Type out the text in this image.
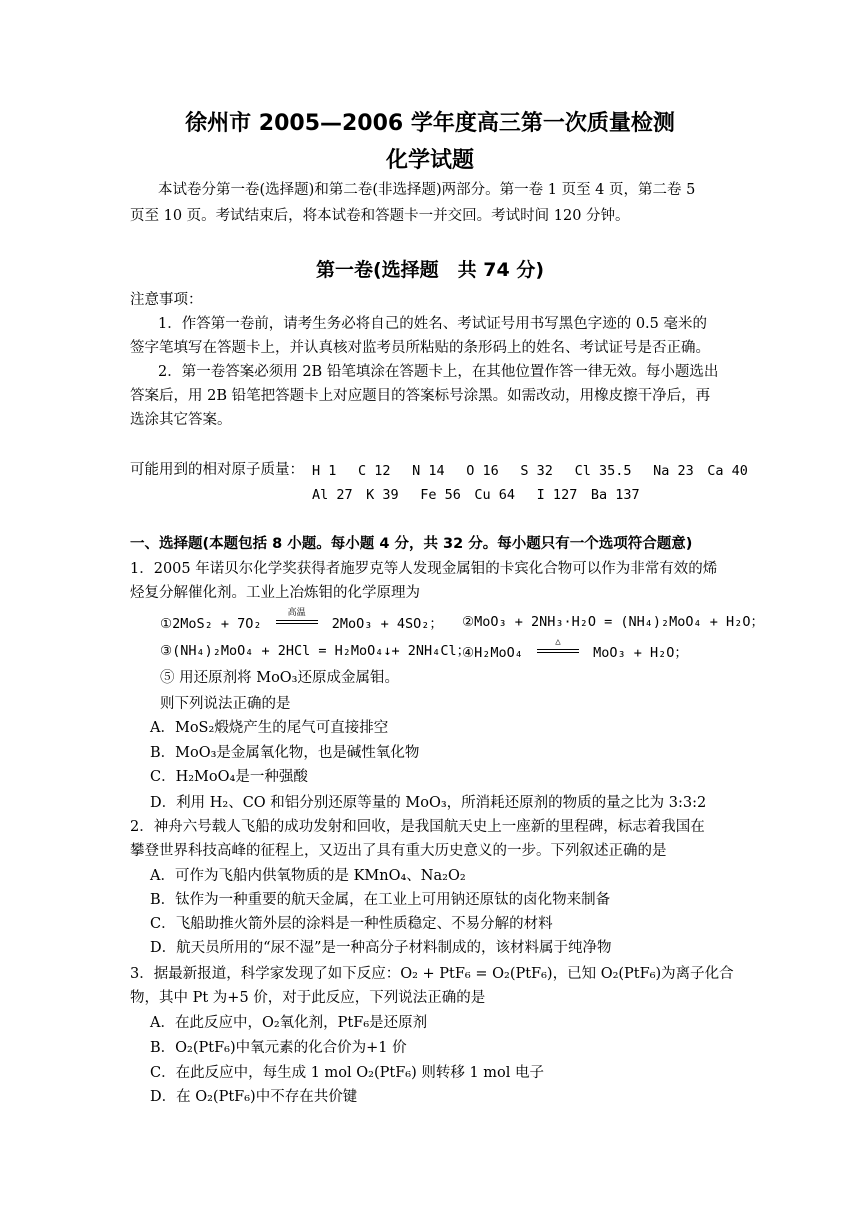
徐州市 2005—2006 学年度高三第一次质量检测
化学试题
本试卷分第一卷(选择题)和第二卷(非选择题)两部分。第一卷 1 页至 4 页，第二卷 5
页至 10 页。考试结束后，将本试卷和答题卡一并交回。考试时间 120 分钟。
第一卷(选择题　共 74 分)
注意事项：
1．作答第一卷前，请考生务必将自己的姓名、考试证号用书写黑色字迹的 0.5 毫米的
签字笔填写在答题卡上，并认真核对监考员所粘贴的条形码上的姓名、考试证号是否正确。
2．第一卷答案必须用 2B 铅笔填涂在答题卡上，在其他位置作答一律无效。每小题选出
答案后，用 2B 铅笔把答题卡上对应题目的答案标号涂黑。如需改动，用橡皮擦干净后，再
选涂其它答案。
可能用到的相对原子质量： H 1　 C 12　 N 14　 O 16　 S 32　 Cl 35.5　 Na 23　Ca 40
Al 27　K 39　 Fe 56　Cu 64　 I 127　Ba 137
一、选择题(本题包括 8 小题。每小题 4 分，共 32 分。每小题只有一个选项符合题意)
1．2005 年诺贝尔化学奖获得者施罗克等人发现金属钼的卡宾化合物可以作为非常有效的烯
烃复分解催化剂。工业上冶炼钼的化学原理为
①2MoS₂ + 7O₂
高温
2MoO₃ + 4SO₂； ②MoO₃ + 2NH₃·H₂O = (NH₄)₂MoO₄ + H₂O；
③(NH₄)₂MoO₄ + 2HCl = H₂MoO₄↓+ 2NH₄Cl；
④H₂MoO₄
△
MoO₃ + H₂O；
⑤ 用还原剂将 MoO₃还原成金属钼。
则下列说法正确的是
A．MoS₂煅烧产生的尾气可直接排空
B．MoO₃是金属氧化物，也是碱性氧化物
C．H₂MoO₄是一种强酸
D．利用 H₂、CO 和铝分别还原等量的 MoO₃，所消耗还原剂的物质的量之比为 3:3:2
2．神舟六号载人飞船的成功发射和回收，是我国航天史上一座新的里程碑，标志着我国在
攀登世界科技高峰的征程上，又迈出了具有重大历史意义的一步。下列叙述正确的是
A．可作为飞船内供氧物质的是 KMnO₄、Na₂O₂
B．钛作为一种重要的航天金属，在工业上可用钠还原钛的卤化物来制备
C．飞船助推火箭外层的涂料是一种性质稳定、不易分解的材料
D．航天员所用的“尿不湿”是一种高分子材料制成的，该材料属于纯净物
3．据最新报道，科学家发现了如下反应：O₂ + PtF₆ = O₂(PtF₆)，已知 O₂(PtF₆)为离子化合
物，其中 Pt 为+5 价，对于此反应，下列说法正确的是
A．在此反应中，O₂氧化剂，PtF₆是还原剂
B．O₂(PtF₆)中氧元素的化合价为+1 价
C．在此反应中，每生成 1 mol O₂(PtF₆) 则转移 1 mol 电子
D．在 O₂(PtF₆)中不存在共价键
